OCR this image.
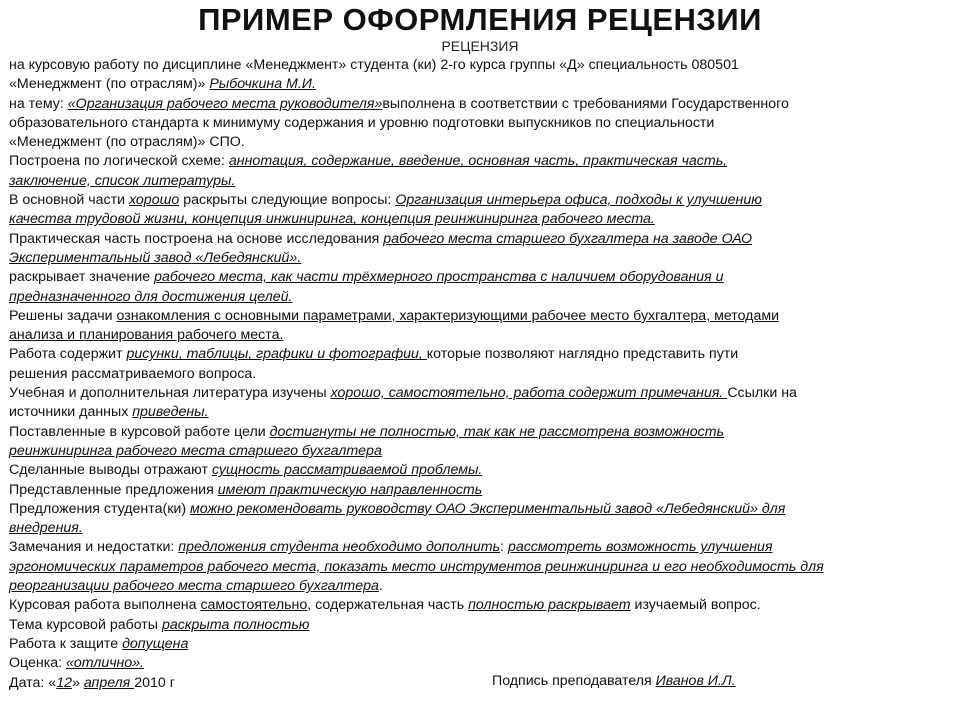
ПРИМЕР ОФОРМЛЕНИЯ РЕЦЕНЗИИ
РЕЦЕНЗИЯ
на курсовую работу по дисциплине «Менеджмент» студента (ки) 2-го курса группы «Д» специальность 080501
«Менеджмент (по отраслям)» Рыбочкина М.И.
на тему: «Организация рабочего места руководителя»выполнена в соответствии с требованиями Государственного
образовательного стандарта к минимуму содержания и уровню подготовки выпускников по специальности
«Менеджмент (по отраслям)» СПО.
Построена по логической схеме: аннотация, содержание, введение, основная часть, практическая часть,
заключение, список литературы.
В основной части хорошо раскрыты следующие вопросы: Организация интерьера офиса, подходы к улучшению
качества трудовой жизни, концепция инжиниринга, концепция реинжиниринга рабочего места.
Практическая часть построена на основе исследования рабочего места старшего бухгалтера на заводе ОАО
Экспериментальный завод «Лебедянский».
раскрывает значение рабочего места, как части трёхмерного пространства с наличием оборудования и
предназначенного для достижения целей.
Решены задачи ознакомления с основными параметрами, характеризующими рабочее место бухгалтера, методами
анализа и планирования рабочего места.
Работа содержит рисунки, таблицы, графики и фотографии, которые позволяют наглядно представить пути
решения рассматриваемого вопроса.
Учебная и дополнительная литература изучены хорошо, самостоятельно, работа содержит примечания. Ссылки на
источники данных приведены.
Поставленные в курсовой работе цели достигнуты не полностью, так как не рассмотрена возможность
реинжиниринга рабочего места старшего бухгалтера
Сделанные выводы отражают сущность рассматриваемой проблемы.
Представленные предложения имеют практическую направленность
Предложения студента(ки) можно рекомендовать руководству ОАО Экспериментальный завод «Лебедянский» для
внедрения.
Замечания и недостатки: предложения студента необходимо дополнить: рассмотреть возможность улучшения
эргономических параметров рабочего места, показать место инструментов реинжиниринга и его необходимость для
реорганизации рабочего места старшего бухгалтера.
Курсовая работа выполнена самостоятельно, содержательная часть полностью раскрывает изучаемый вопрос.
Тема курсовой работы раскрыта полностью
Работа к защите допущена
Оценка: «отлично».
Дата: «12» апреля 2010 г	Подпись преподавателя Иванов И.Л.
